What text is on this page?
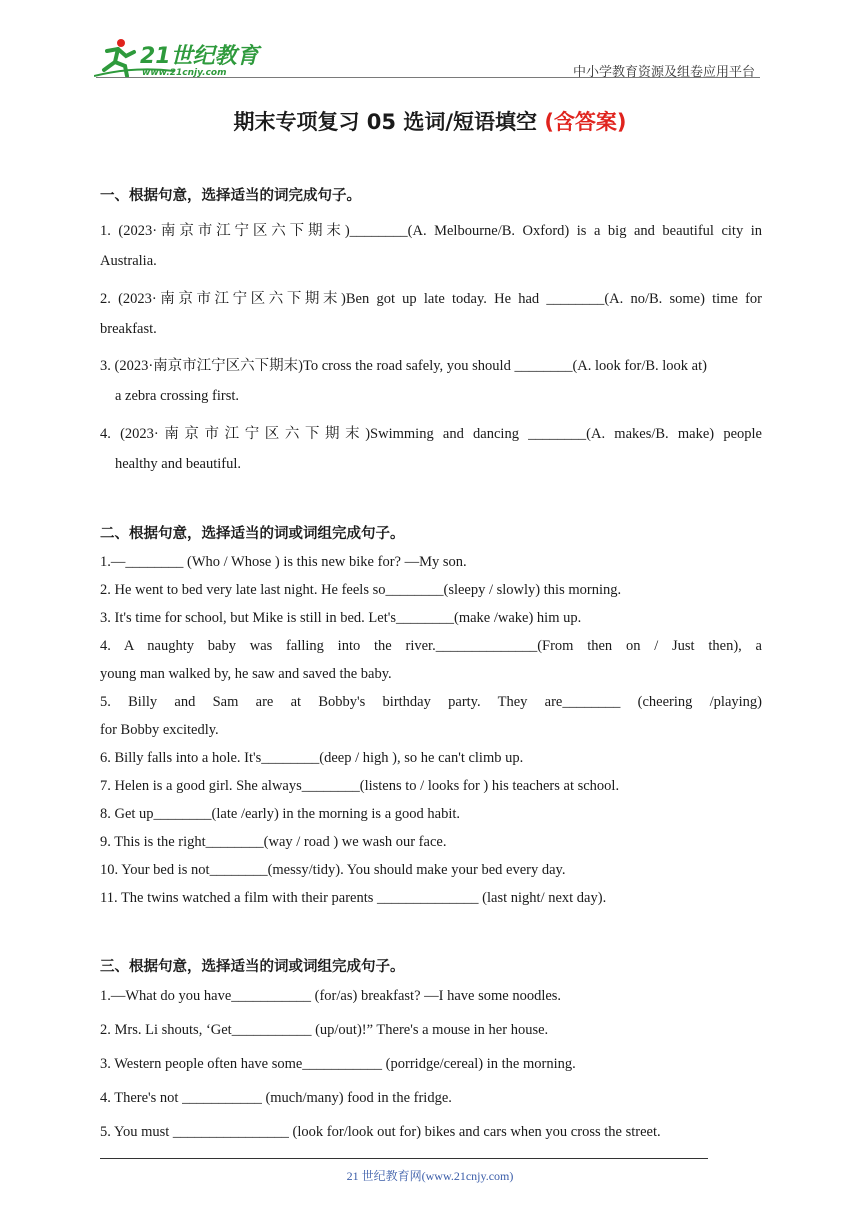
21世纪教育
www.21cnjy.com	中小学教育资源及组卷应用平台
期末专项复习 05 选词/短语填空 (含答案)
一、根据句意，选择适当的词完成句子。
1. (2023·南京市江宁区六下期末)________(A. Melbourne/B. Oxford) is a big and beautiful city in
Australia.
2. (2023·南京市江宁区六下期末)Ben got up late today. He had ________(A. no/B. some) time for
breakfast.
3. (2023·南京市江宁区六下期末)To cross the road safely, you should ________(A. look for/B. look at)
a zebra crossing first.
4. (2023·南京市江宁区六下期末)Swimming and dancing ________(A. makes/B. make) people
healthy and beautiful.
二、根据句意，选择适当的词或词组完成句子。
1.—________ (Who / Whose ) is this new bike for? —My son.
2. He went to bed very late last night. He feels so________(sleepy / slowly) this morning.
3. It's time for school, but Mike is still in bed. Let's________(make /wake) him up.
4. A naughty baby was falling into the river.______________(From then on / Just then), a
young man walked by, he saw and saved the baby.
5. Billy and Sam are at Bobby's birthday party. They are________ (cheering /playing)
for Bobby excitedly.
6. Billy falls into a hole. It's________(deep / high ), so he can't climb up.
7. Helen is a good girl. She always________(listens to / looks for ) his teachers at school.
8. Get up________(late /early) in the morning is a good habit.
9. This is the right________(way / road ) we wash our face.
10. Your bed is not________(messy/tidy). You should make your bed every day.
11. The twins watched a film with their parents ______________ (last night/ next day).
三、根据句意，选择适当的词或词组完成句子。
1.—What do you have___________ (for/as) breakfast? —I have some noodles.
2. Mrs. Li shouts, ‘Get___________ (up/out)!” There's a mouse in her house.
3. Western people often have some___________ (porridge/cereal) in the morning.
4. There's not ___________ (much/many) food in the fridge.
5. You must ________________ (look for/look out for) bikes and cars when you cross the street.
21 世纪教育网(www.21cnjy.com)
